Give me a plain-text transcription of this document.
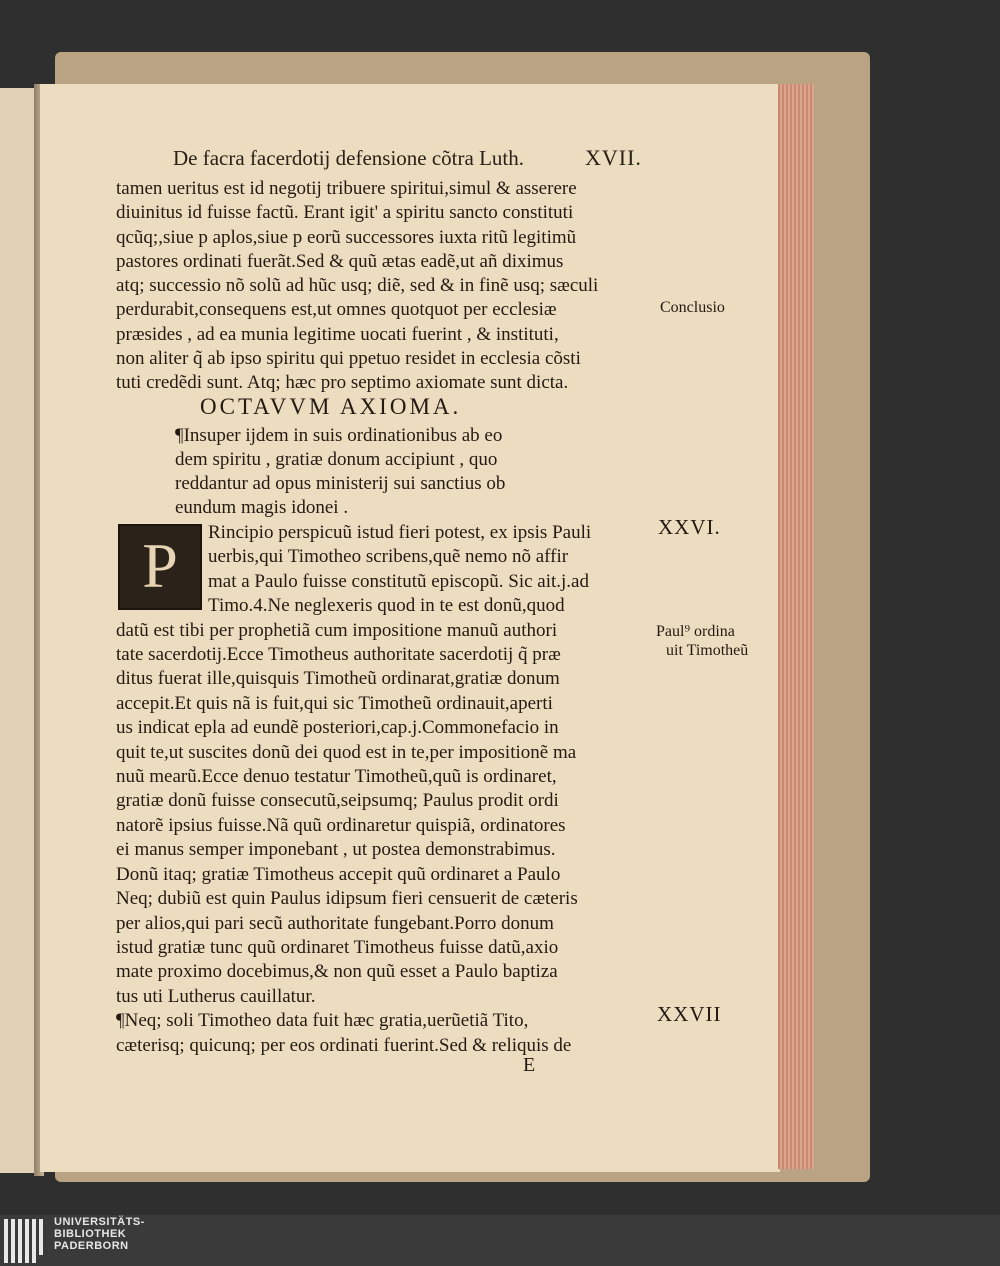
De facra facerdotij defensione cõtra Luth.	XVII.
tamen ueritus est id negotij tribuere spiritui,simul & asserere
diuinitus id fuisse factũ. Erant igit' a spiritu sancto constituti
qcũq;,siue p aplos,siue p eorũ successores iuxta ritũ legitimũ
pastores ordinati fuerãt.Sed & quũ ætas eadẽ,ut añ diximus
atq; successio nõ solũ ad hũc usq; diẽ, sed & in finẽ usq; sæculi
perdurabit,consequens est,ut omnes quotquot per ecclesiæ
præsides , ad ea munia legitime uocati fuerint , & instituti,
non aliter q̃ ab ipso spiritu qui ppetuo residet in ecclesia cõsti
tuti credẽdi sunt. Atq; hæc pro septimo axiomate sunt dicta.
OCTAVVM AXIOMA.
¶Insuper ijdem in suis ordinationibus ab eo
dem spiritu , gratiæ donum accipiunt , quo
reddantur ad opus ministerij sui sanctius ob
eundum magis idonei .
P	Rincipio perspicuũ istud fieri potest, ex ipsis Pauli
uerbis,qui Timotheo scribens,quẽ nemo nõ affir
mat a Paulo fuisse constitutũ episcopũ. Sic ait.j.ad
Timo.4.Ne neglexeris quod in te est donũ,quod
datũ est tibi per prophetiã cum impositione manuũ authori
tate sacerdotij.Ecce Timotheus authoritate sacerdotij q̃ præ
ditus fuerat ille,quisquis Timotheũ ordinarat,gratiæ donum
accepit.Et quis nã is fuit,qui sic Timotheũ ordinauit,aperti
us indicat epla ad eundẽ posteriori,cap.j.Commonefacio in
quit te,ut suscites donũ dei quod est in te,per impositionẽ ma
nuũ mearũ.Ecce denuo testatur Timotheũ,quũ is ordinaret,
gratiæ donũ fuisse consecutũ,seipsumq; Paulus prodit ordi
natorẽ ipsius fuisse.Nã quũ ordinaretur quispiã, ordinatores
ei manus semper imponebant , ut postea demonstrabimus.
Donũ itaq; gratiæ Timotheus accepit quũ ordinaret a Paulo
Neq; dubiũ est quin Paulus idipsum fieri censuerit de cæteris
per alios,qui pari secũ authoritate fungebant.Porro donum
istud gratiæ tunc quũ ordinaret Timotheus fuisse datũ,axio
mate proximo docebimus,& non quũ esset a Paulo baptiza
tus uti Lutherus cauillatur.
¶Neq; soli Timotheo data fuit hæc gratia,uerũetiã Tito,
cæterisq; quicunq; per eos ordinati fuerint.Sed & reliquis de
E
Conclusio
XXVI.
Paul⁹ ordina
uit Timotheũ
XXVII
UNIVERSITÄTS-
BIBLIOTHEK
PADERBORN
